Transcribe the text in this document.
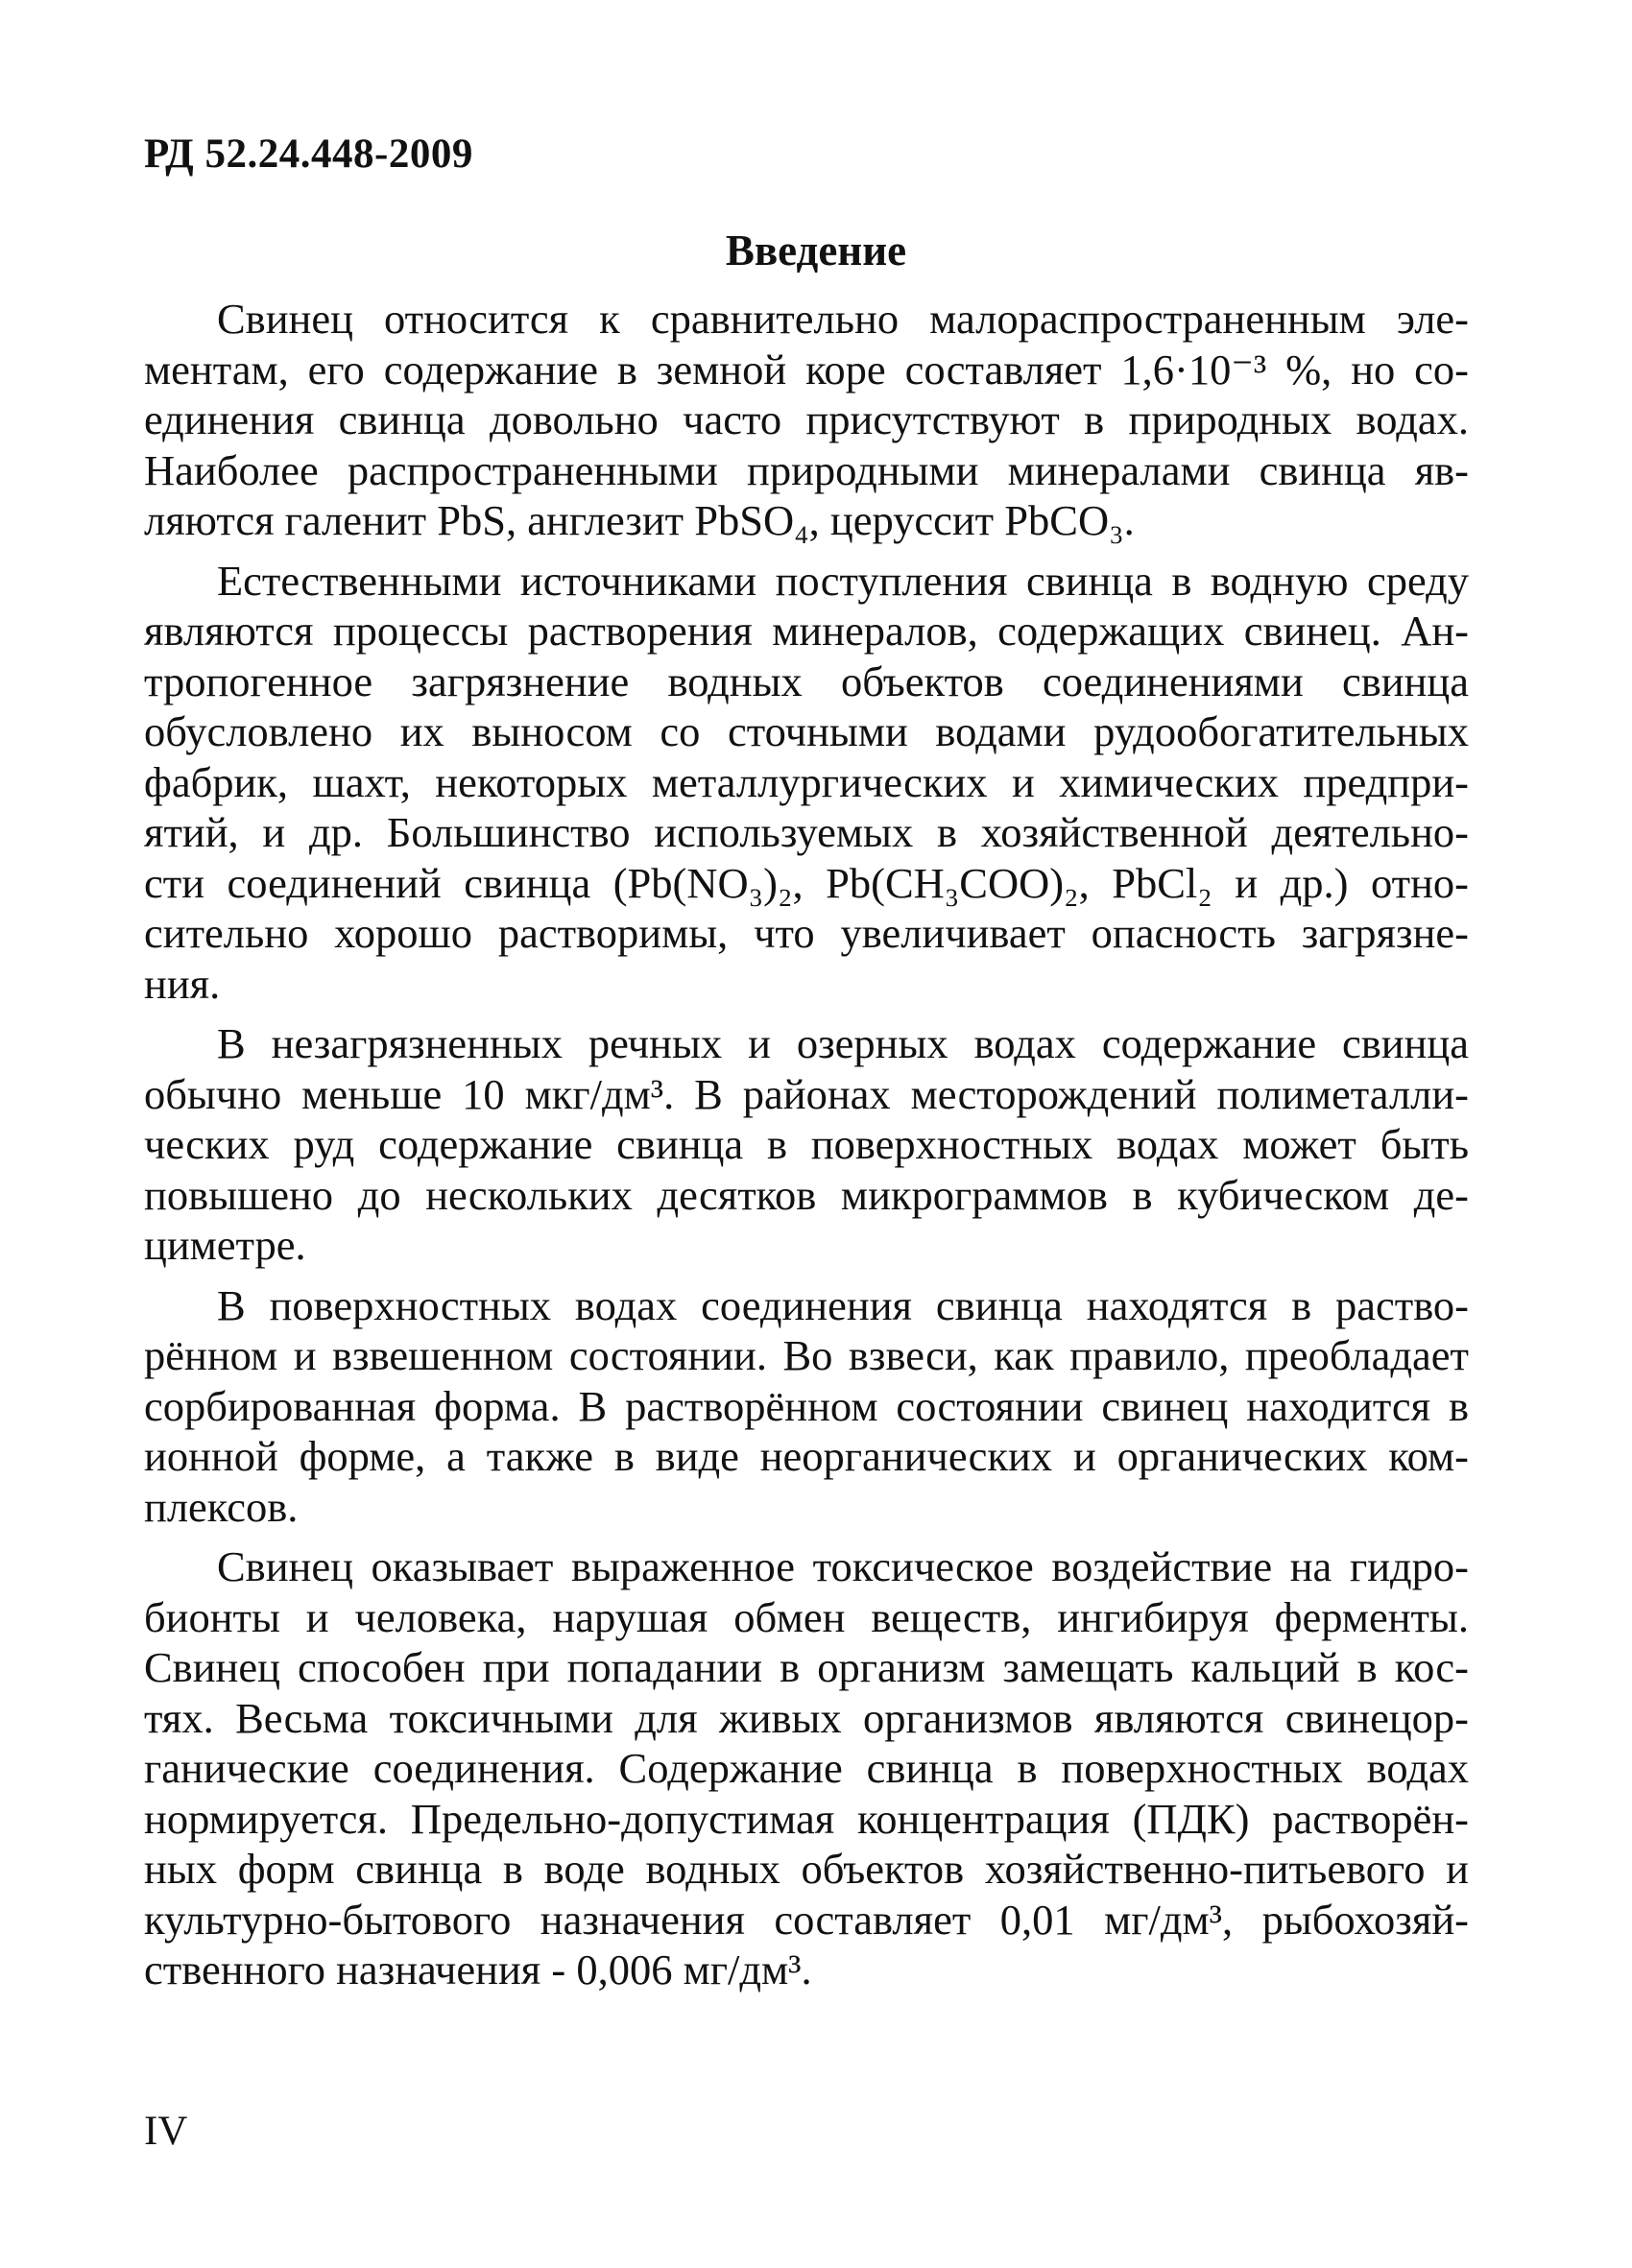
РД 52.24.448-2009
Введение
Свинец относится к сравнительно малораспространенным эле-
ментам, его содержание в земной коре составляет 1,6·10⁻³ %, но со-
единения свинца довольно часто присутствуют в природных водах.
Наиболее распространенными природными минералами свинца яв-
ляются галенит PbS, англезит PbSO₄, церуссит PbCO₃.
Естественными источниками поступления свинца в водную среду
являются процессы растворения минералов, содержащих свинец. Ан-
тропогенное загрязнение водных объектов соединениями свинца
обусловлено их выносом со сточными водами рудообогатительных
фабрик, шахт, некоторых металлургических и химических предпри-
ятий, и др. Большинство используемых в хозяйственной деятельно-
сти соединений свинца (Pb(NO₃)₂, Pb(CH₃COO)₂, PbCl₂ и др.) отно-
сительно хорошо растворимы, что увеличивает опасность загрязне-
ния.
В незагрязненных речных и озерных водах содержание свинца
обычно меньше 10 мкг/дм³. В районах месторождений полиметалли-
ческих руд содержание свинца в поверхностных водах может быть
повышено до нескольких десятков микрограммов в кубическом де-
циметре.
В поверхностных водах соединения свинца находятся в раство-
рённом и взвешенном состоянии. Во взвеси, как правило, преобладает
сорбированная форма. В растворённом состоянии свинец находится в
ионной форме, а также в виде неорганических и органических ком-
плексов.
Свинец оказывает выраженное токсическое воздействие на гидро-
бионты и человека, нарушая обмен веществ, ингибируя ферменты.
Свинец способен при попадании в организм замещать кальций в кос-
тях. Весьма токсичными для живых организмов являются свинецор-
ганические соединения. Содержание свинца в поверхностных водах
нормируется. Предельно-допустимая концентрация (ПДК) растворён-
ных форм свинца в воде водных объектов хозяйственно-питьевого и
культурно-бытового назначения составляет 0,01 мг/дм³, рыбохозяй-
ственного назначения - 0,006 мг/дм³.
IV
